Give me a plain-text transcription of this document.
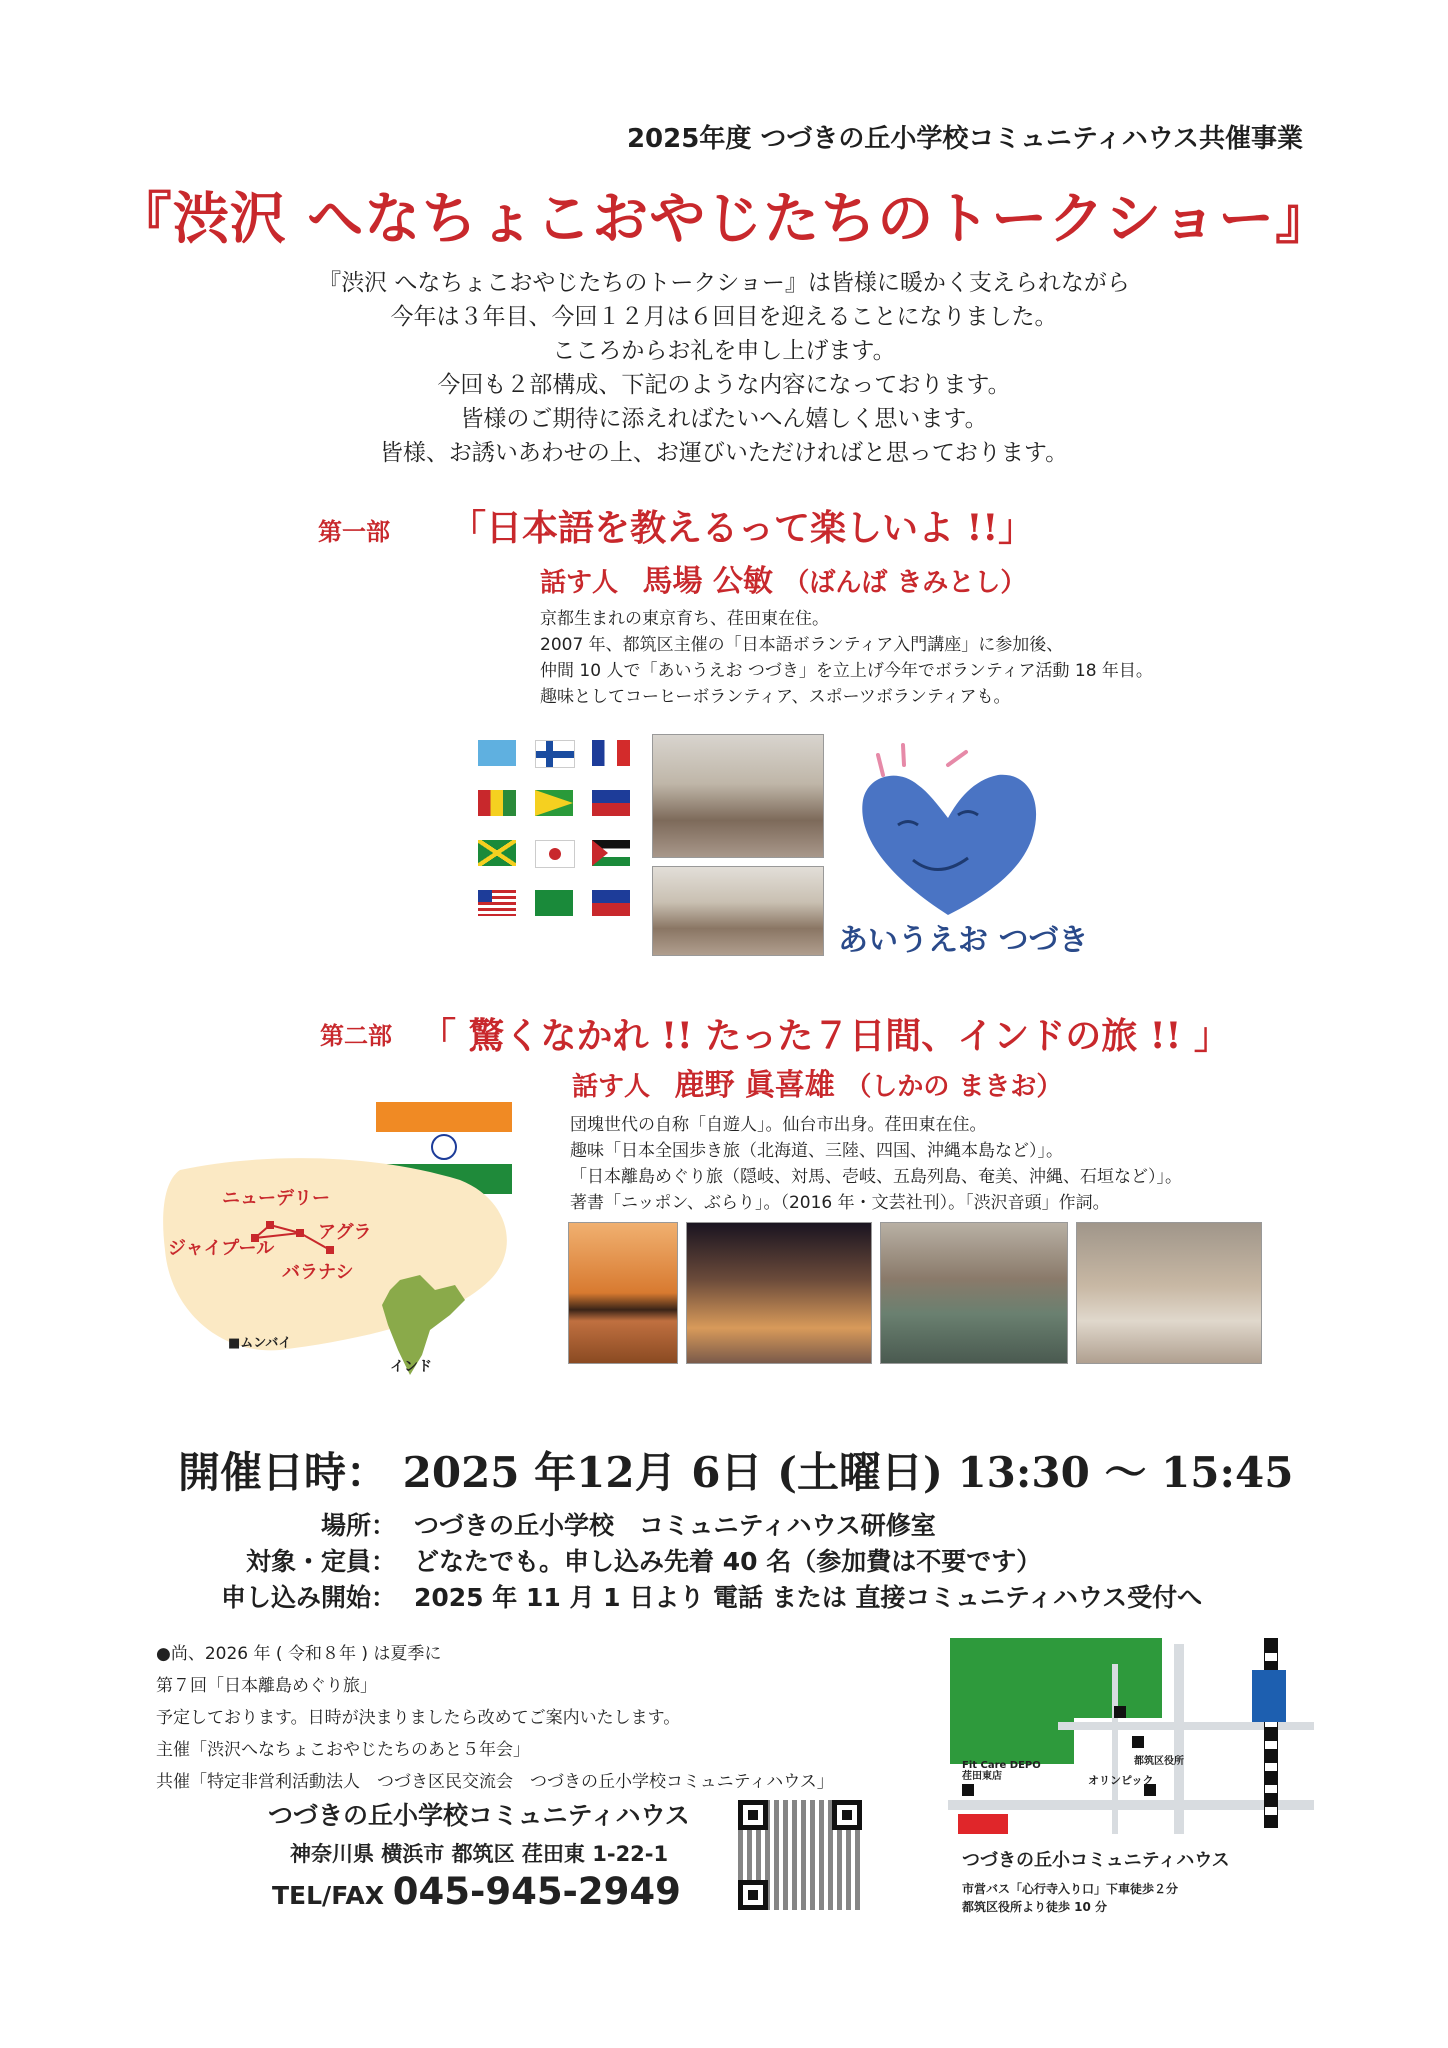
2025年度 つづきの丘小学校コミュニティハウス共催事業
『渋沢 へなちょこおやじたちのトークショー』
『渋沢 へなちょこおやじたちのトークショー』は皆様に暖かく支えられながら
今年は３年目、今回１２月は６回目を迎えることになりました。
こころからお礼を申し上げます。
今回も２部構成、下記のような内容になっております。
皆様のご期待に添えればたいへん嬉しく思います。
皆様、お誘いあわせの上、お運びいただければと思っております。
第一部 「日本語を教えるって楽しいよ !!」
話す人 馬場 公敏 （ばんば きみとし）
京都生まれの東京育ち、荏田東在住。
2007 年、都筑区主催の「日本語ボランティア入門講座」に参加後、
仲間 10 人で「あいうえお つづき」を立上げ今年でボランティア活動 18 年目。
趣味としてコーヒーボランティア、スポーツボランティアも。
あいうえお つづき
第二部 「 驚くなかれ !! たった７日間、インドの旅 !! 」
話す人 鹿野 眞喜雄 （しかの まきお）
団塊世代の自称「自遊人」。仙台市出身。荏田東在住。
趣味「日本全国歩き旅（北海道、三陸、四国、沖縄本島など）」。
「日本離島めぐり旅（隠岐、対馬、壱岐、五島列島、奄美、沖縄、石垣など）」。
著書「ニッポン、ぶらり」。（2016 年・文芸社刊）。「渋沢音頭」作詞。
ニューデリー
アグラ
ジャイプール
バラナシ
■ムンバイ
インド
開催日時： 2025 年12月 6日 (土曜日) 13:30 ～ 15:45
場所： つづきの丘小学校　コミュニティハウス研修室
対象・定員： どなたでも。申し込み先着 40 名（参加費は不要です）
申し込み開始： 2025 年 11 月 1 日より 電話 または 直接コミュニティハウス受付へ
●尚、2026 年 ( 令和８年 ) は夏季に
第７回「日本離島めぐり旅」
予定しております。日時が決まりましたら改めてご案内いたします。
主催「渋沢へなちょこおやじたちのあと５年会」
共催「特定非営利活動法人　つづき区民交流会　つづきの丘小学校コミュニティハウス」
つづきの丘小学校コミュニティハウス
神奈川県 横浜市 都筑区 荏田東 1-22-1
TEL/FAX 045-945-2949
Fit Care DEPO
荏田東店
都筑区役所
オリンピック
つづきの丘小コミュニティハウス
市営バス「心行寺入り口」下車徒歩２分
都筑区役所より徒歩 10 分
